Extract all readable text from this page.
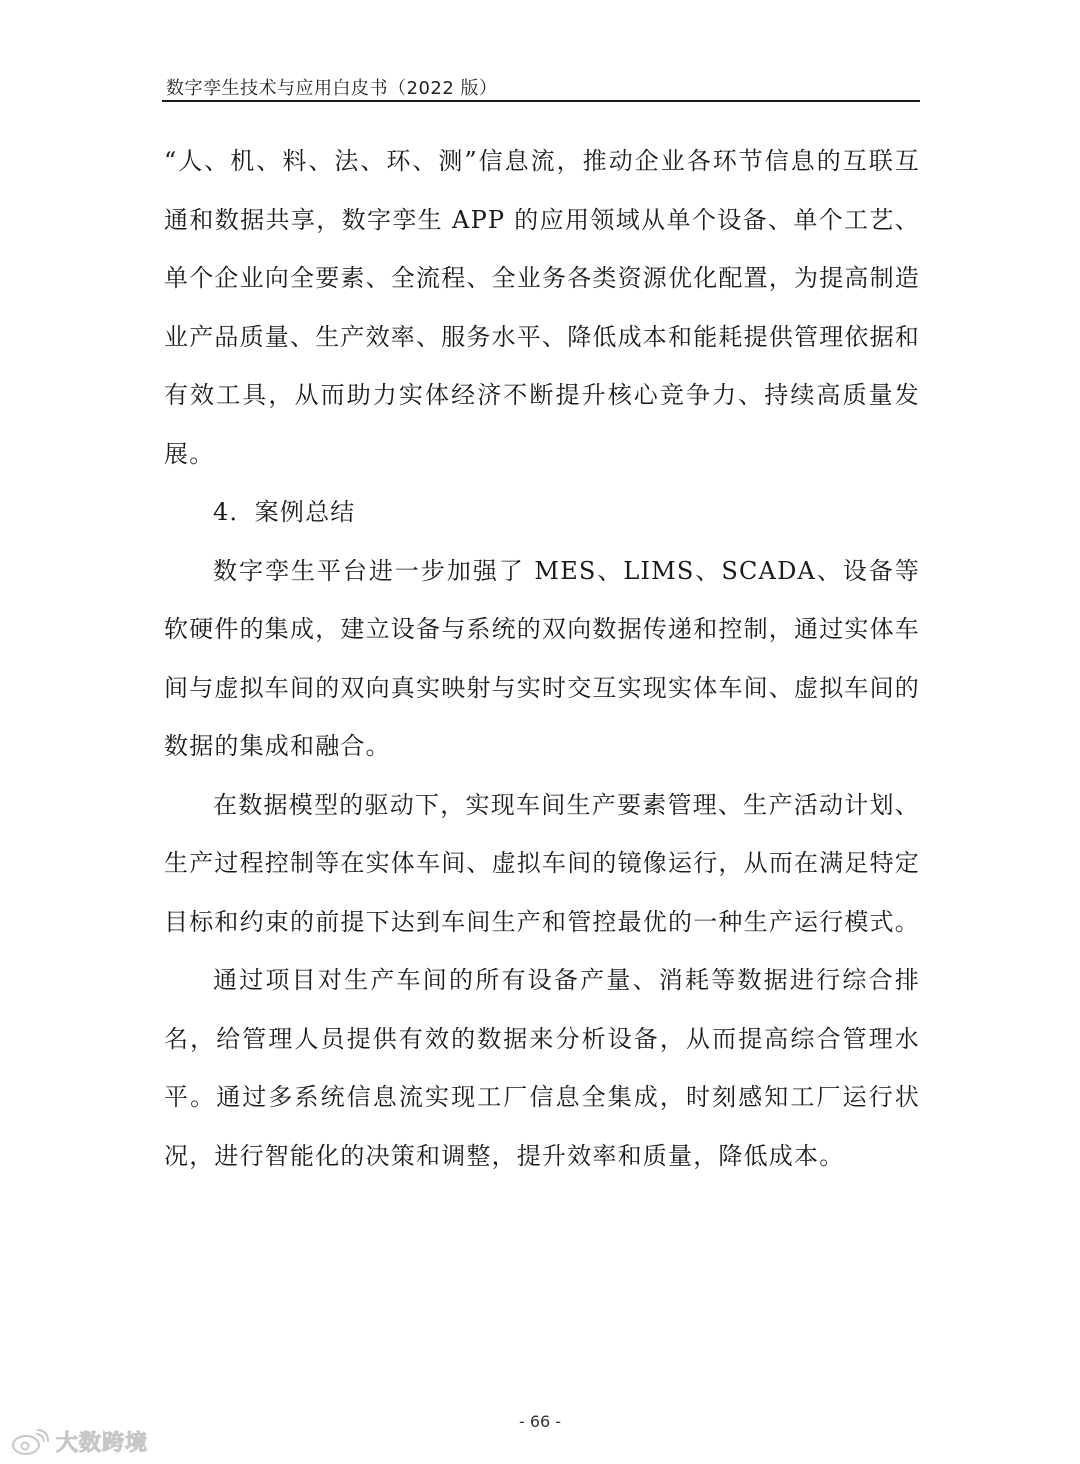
数字孪生技术与应用白皮书（2022 版）

“人、机、料、法、环、测”信息流，推动企业各环节信息的互联互通和数据共享，数字孪生 APP 的应用领域从单个设备、单个工艺、单个企业向全要素、全流程、全业务各类资源优化配置，为提高制造业产品质量、生产效率、服务水平、降低成本和能耗提供管理依据和有效工具，从而助力实体经济不断提升核心竞争力、持续高质量发展。

4．案例总结

数字孪生平台进一步加强了 MES、LIMS、SCADA、设备等软硬件的集成，建立设备与系统的双向数据传递和控制，通过实体车间与虚拟车间的双向真实映射与实时交互实现实体车间、虚拟车间的数据的集成和融合。

在数据模型的驱动下，实现车间生产要素管理、生产活动计划、生产过程控制等在实体车间、虚拟车间的镜像运行，从而在满足特定目标和约束的前提下达到车间生产和管控最优的一种生产运行模式。

通过项目对生产车间的所有设备产量、消耗等数据进行综合排名，给管理人员提供有效的数据来分析设备，从而提高综合管理水平。通过多系统信息流实现工厂信息全集成，时刻感知工厂运行状况，进行智能化的决策和调整，提升效率和质量，降低成本。

- 66 -
大数跨境
